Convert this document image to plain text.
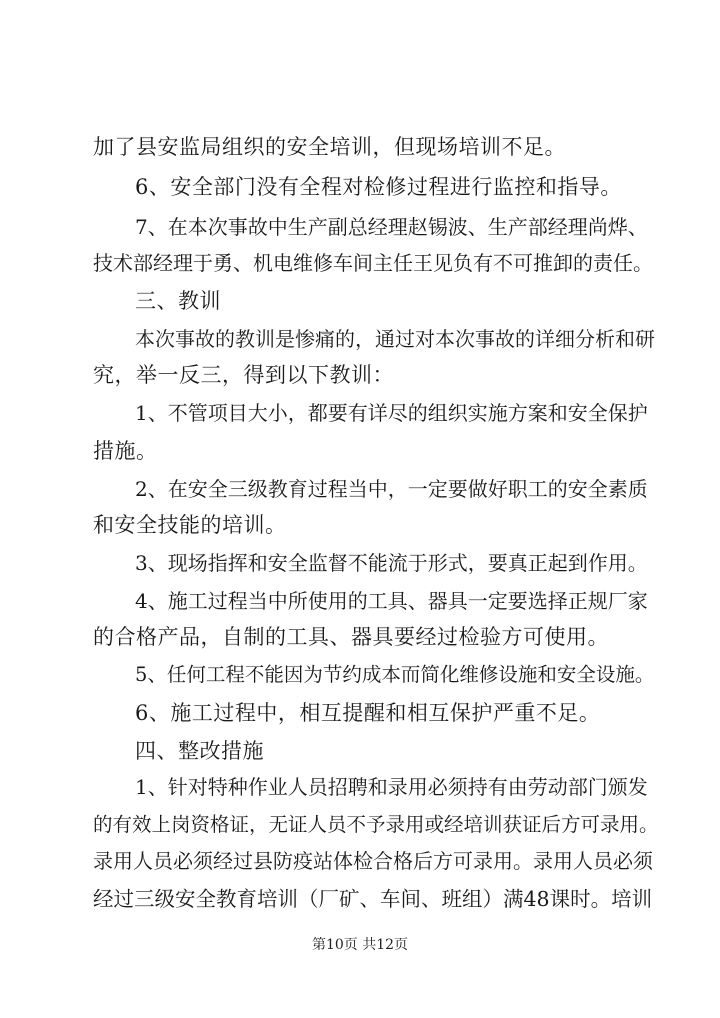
加了县安监局组织的安全培训，但现场培训不足。
6、安全部门没有全程对检修过程进行监控和指导。
7、在本次事故中生产副总经理赵锡波、生产部经理尚烨、
技术部经理于勇、机电维修车间主任王见负有不可推卸的责任。
三、教训
本次事故的教训是惨痛的，通过对本次事故的详细分析和研
究，举一反三，得到以下教训：
1、不管项目大小，都要有详尽的组织实施方案和安全保护
措施。
2、在安全三级教育过程当中，一定要做好职工的安全素质
和安全技能的培训。
3、现场指挥和安全监督不能流于形式，要真正起到作用。
4、施工过程当中所使用的工具、器具一定要选择正规厂家
的合格产品，自制的工具、器具要经过检验方可使用。
5、任何工程不能因为节约成本而简化维修设施和安全设施。
6、施工过程中，相互提醒和相互保护严重不足。
四、整改措施
1、针对特种作业人员招聘和录用必须持有由劳动部门颁发
的有效上岗资格证，无证人员不予录用或经培训获证后方可录用。
录用人员必须经过县防疫站体检合格后方可录用。录用人员必须
经过三级安全教育培训（厂矿、车间、班组）满48课时。培训
第10页 共12页
